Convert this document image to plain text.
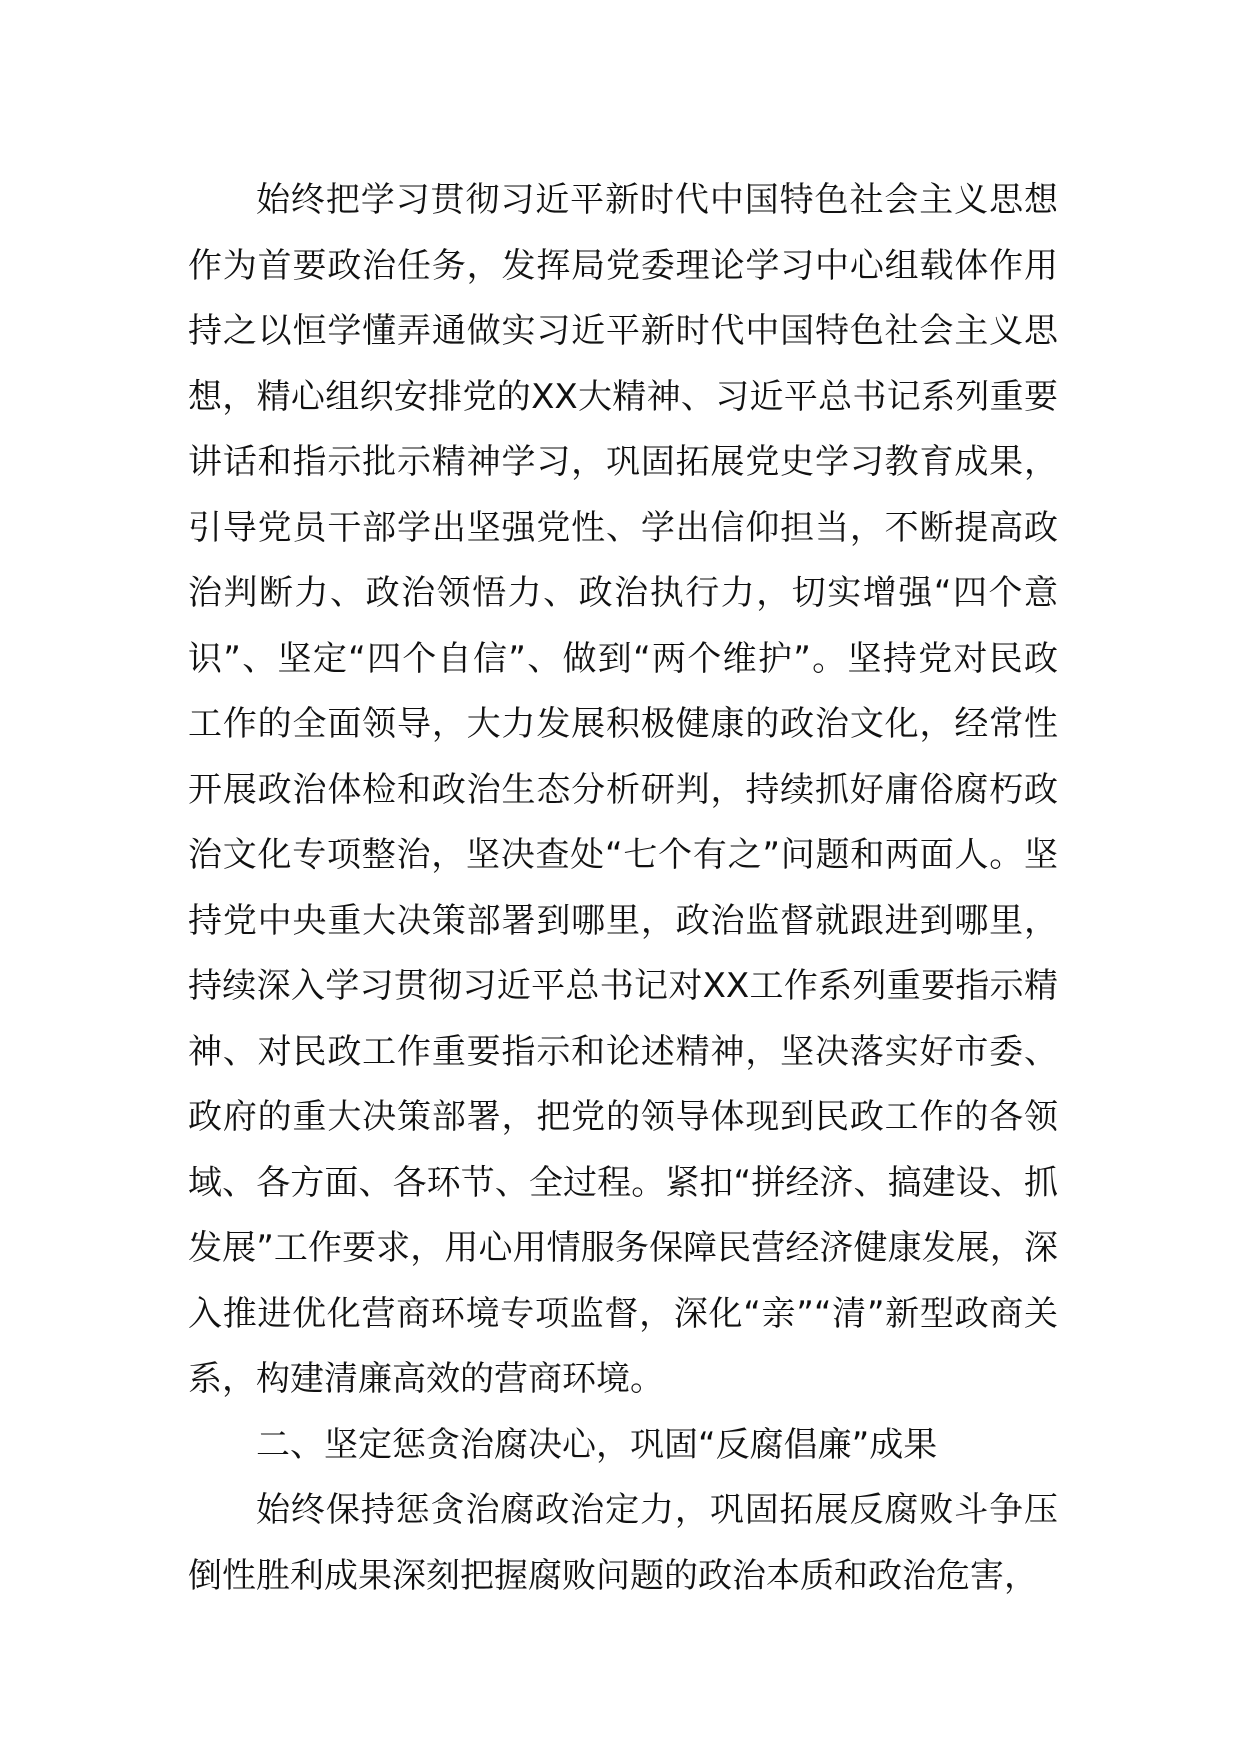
始终把学习贯彻习近平新时代中国特色社会主义思想作为首要政治任务，发挥局党委理论学习中心组载体作用持之以恒学懂弄通做实习近平新时代中国特色社会主义思想，精心组织安排党的XX大精神、习近平总书记系列重要讲话和指示批示精神学习，巩固拓展党史学习教育成果，引导党员干部学出坚强党性、学出信仰担当，不断提高政治判断力、政治领悟力、政治执行力，切实增强“四个意识”、坚定“四个自信”、做到“两个维护”。坚持党对民政工作的全面领导，大力发展积极健康的政治文化，经常性开展政治体检和政治生态分析研判，持续抓好庸俗腐朽政治文化专项整治，坚决查处“七个有之”问题和两面人。坚持党中央重大决策部署到哪里，政治监督就跟进到哪里，持续深入学习贯彻习近平总书记对XX工作系列重要指示精神、对民政工作重要指示和论述精神，坚决落实好市委、政府的重大决策部署，把党的领导体现到民政工作的各领域、各方面、各环节、全过程。紧扣“拼经济、搞建设、抓发展”工作要求，用心用情服务保障民营经济健康发展，深入推进优化营商环境专项监督，深化“亲”“清”新型政商关系，构建清廉高效的营商环境。

二、坚定惩贪治腐决心，巩固“反腐倡廉”成果

始终保持惩贪治腐政治定力，巩固拓展反腐败斗争压倒性胜利成果深刻把握腐败问题的政治本质和政治危害，
